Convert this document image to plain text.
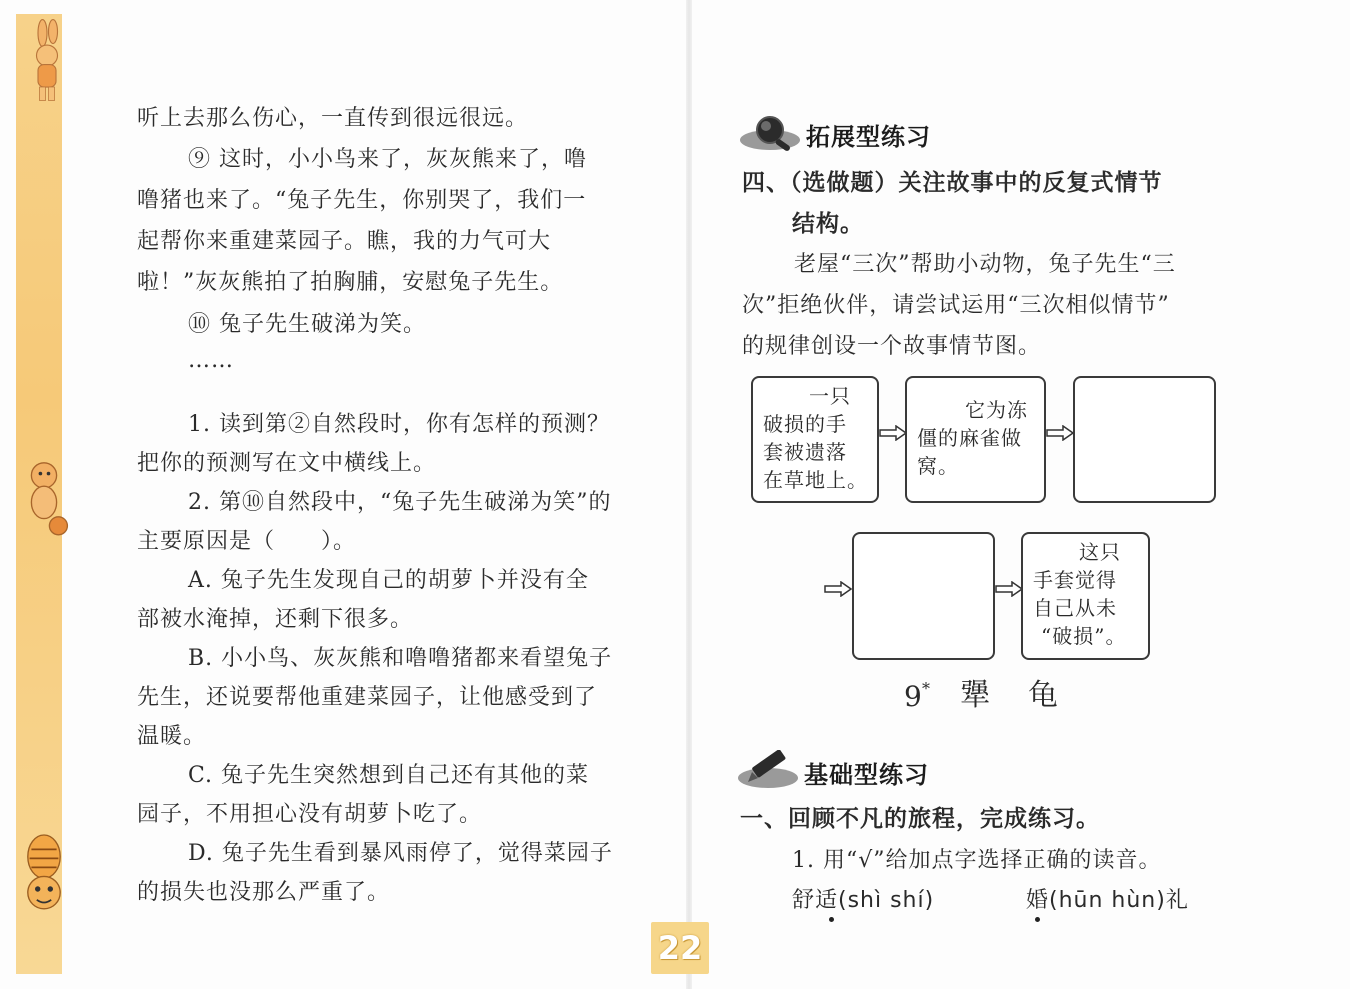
听上去那么伤心，一直传到很远很远。
⑨ 这时，小小鸟来了，灰灰熊来了，噜
噜猪也来了。“兔子先生，你别哭了，我们一
起帮你来重建菜园子。瞧，我的力气可大
啦！”灰灰熊拍了拍胸脯，安慰兔子先生。
⑩ 兔子先生破涕为笑。
……
1. 读到第②自然段时，你有怎样的预测？
把你的预测写在文中横线上。
2. 第⑩自然段中，“兔子先生破涕为笑”的
主要原因是（　　）。
A. 兔子先生发现自己的胡萝卜并没有全
部被水淹掉，还剩下很多。
B. 小小鸟、灰灰熊和噜噜猪都来看望兔子
先生，还说要帮他重建菜园子，让他感受到了
温暖。
C. 兔子先生突然想到自己还有其他的菜
园子，不用担心没有胡萝卜吃了。
D. 兔子先生看到暴风雨停了，觉得菜园子
的损失也没那么严重了。
拓展型练习
四、（选做题）关注故事中的反复式情节
结构。
老屋“三次”帮助小动物，兔子先生“三
次”拒绝伙伴，请尝试运用“三次相似情节”
的规律创设一个故事情节图。
一只
破损的手
套被遗落
在草地上。
它为冻
僵的麻雀做
窝。
这只
手套觉得
自己从未
“破损”。
9 * 犟 龟
基础型练习
一、回顾不凡的旅程，完成练习。
1. 用“√”给加点字选择正确的读音。
舒适(shì shí)	婚(hūn hùn)礼
22
